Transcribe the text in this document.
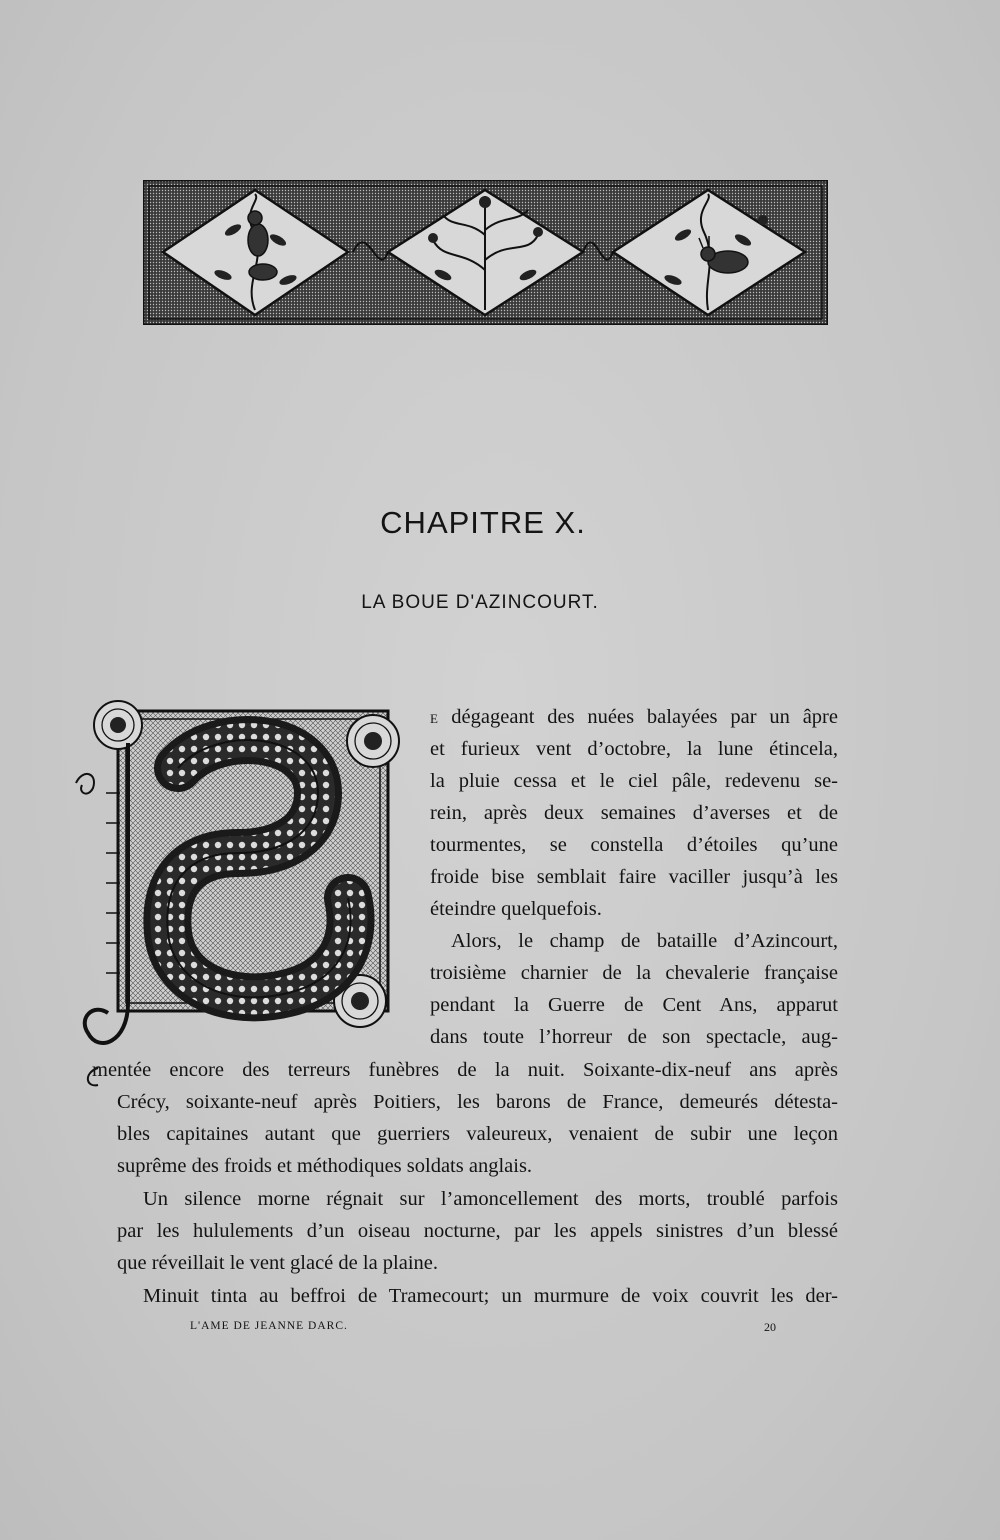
CHAPITRE X.
LA BOUE D'AZINCOURT.
E dégageant des nuées balayées par un âpre
et furieux vent d’octobre, la lune étincela,
la pluie cessa et le ciel pâle, redevenu se-
rein, après deux semaines d’averses et de
tourmentes, se constella d’étoiles qu’une
froide bise semblait faire vaciller jusqu’à les
éteindre quelquefois.
Alors, le champ de bataille d’Azincourt,
troisième charnier de la chevalerie française
pendant la Guerre de Cent Ans, apparut
dans toute l’horreur de son spectacle, aug-
mentée encore des terreurs funèbres de la nuit. Soixante-dix-neuf ans après
Crécy, soixante-neuf après Poitiers, les barons de France, demeurés détesta-
bles capitaines autant que guerriers valeureux, venaient de subir une leçon
suprême des froids et méthodiques soldats anglais.
Un silence morne régnait sur l’amoncellement des morts, troublé parfois
par les hululements d’un oiseau nocturne, par les appels sinistres d’un blessé
que réveillait le vent glacé de la plaine.
Minuit tinta au beffroi de Tramecourt; un murmure de voix couvrit les der-
L'AME DE JEANNE DARC.	20
